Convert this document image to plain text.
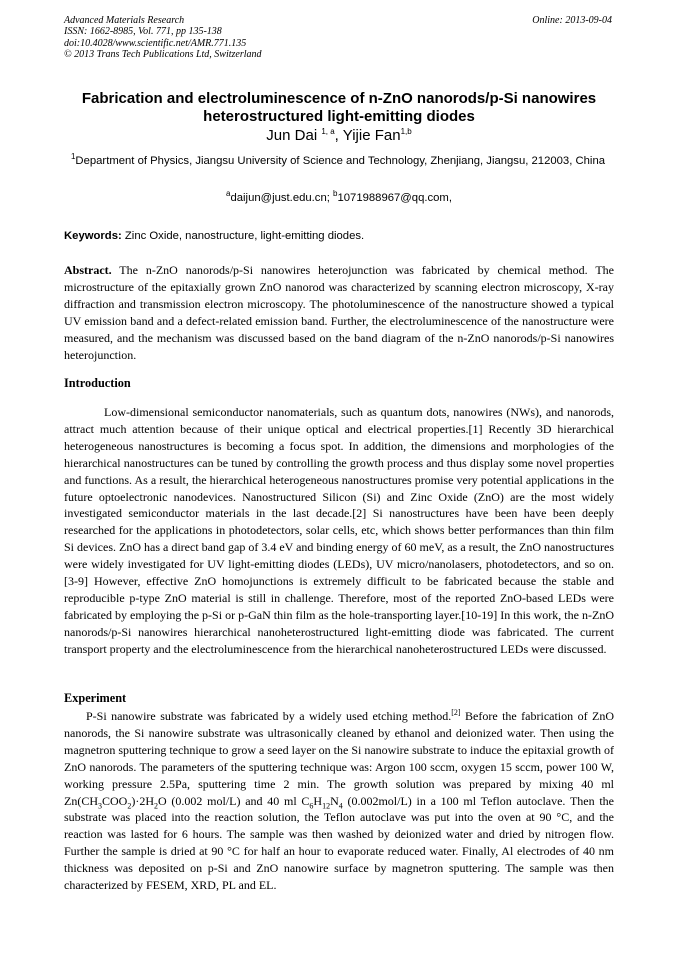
Advanced Materials Research
ISSN: 1662-8985, Vol. 771, pp 135-138
doi:10.4028/www.scientific.net/AMR.771.135
© 2013 Trans Tech Publications Ltd, Switzerland
Online: 2013-09-04
Fabrication and electroluminescence of n-ZnO nanorods/p-Si nanowires
heterostructured light-emitting diodes
Jun Dai $^{1, a}$, Yijie Fan$^{1,b}$
$^1$Department of Physics, Jiangsu University of Science and Technology, Zhenjiang, Jiangsu, 212003, China
$^a$daijun@just.edu.cn; $^b$1071988967@qq.com,
Keywords: Zinc Oxide, nanostructure, light-emitting diodes.
Abstract. The n-ZnO nanorods/p-Si nanowires heterojunction was fabricated by chemical method. The microstructure of the epitaxially grown ZnO nanorod was characterized by scanning electron microscopy, X-ray diffraction and transmission electron microscopy. The photoluminescence of the nanostructure showed a typical UV emission band and a defect-related emission band. Further, the electroluminescence of the nanostructure were measured, and the mechanism was discussed based on the band diagram of the n-ZnO nanorods/p-Si nanowires heterojunction.
Introduction

Low-dimensional semiconductor nanomaterials, such as quantum dots, nanowires (NWs), and nanorods, attract much attention because of their unique optical and electrical properties.[1] Recently 3D hierarchical heterogeneous nanostructures is becoming a focus spot. In addition, the dimensions and morphologies of the hierarchical nanostructures can be tuned by controlling the growth process and thus display some novel properties and functions. As a result, the hierarchical heterogeneous nanostructures promise very potential applications in the future optoelectronic nanodevices. Nanostructured Silicon (Si) and Zinc Oxide (ZnO) are the most widely investigated semiconductor materials in the last decade.[2] Si nanostructures have been have been deeply researched for the applications in photodetectors, solar cells, etc, which shows better performances than thin film Si devices. ZnO has a direct band gap of 3.4 eV and binding energy of 60 meV, as a result, the ZnO nanostructures were widely investigated for UV light-emitting diodes (LEDs), UV micro/nanolasers, photodetectors, and so on.[3-9] However, effective ZnO homojunctions is extremely difficult to be fabricated because the stable and reproducible p-type ZnO material is still in challenge. Therefore, most of the reported ZnO-based LEDs were fabricated by employing the p-Si or p-GaN thin film as the hole-transporting layer.[10-19] In this work, the n-ZnO nanorods/p-Si nanowires hierarchical nanoheterostructured light-emitting diode was fabricated. The current transport property and the electroluminescence from the hierarchical nanoheterostructured LEDs were discussed.

Experiment

P-Si nanowire substrate was fabricated by a widely used etching method.[2] Before the fabrication of ZnO nanorods, the Si nanowire substrate was ultrasonically cleaned by ethanol and deionized water. Then using the magnetron sputtering technique to grow a seed layer on the Si nanowire substrate to induce the epitaxial growth of ZnO nanorods. The parameters of the sputtering technique was: Argon 100 sccm, oxygen 15 sccm, power 100 W, working pressure 2.5Pa, sputtering time 2 min. The growth solution was prepared by mixing 40 ml $Zn(CH_3COO_2)\cdot 2H_2O$ (0.002 mol/L) and 40 ml $C_6H_{12}N_4$ (0.002mol/L) in a 100 ml Teflon autoclave. Then the substrate was placed into the reaction solution, the Teflon autoclave was put into the oven at 90 °C, and the reaction was lasted for 6 hours. The sample was then washed by deionized water and dried by nitrogen flow. Further the sample is dried at 90 °C for half an hour to evaporate reduced water. Finally, Al electrodes of 40 nm thickness was deposited on p-Si and ZnO nanowire surface by magnetron sputtering. The sample was then characterized by FESEM, XRD, PL and EL.
